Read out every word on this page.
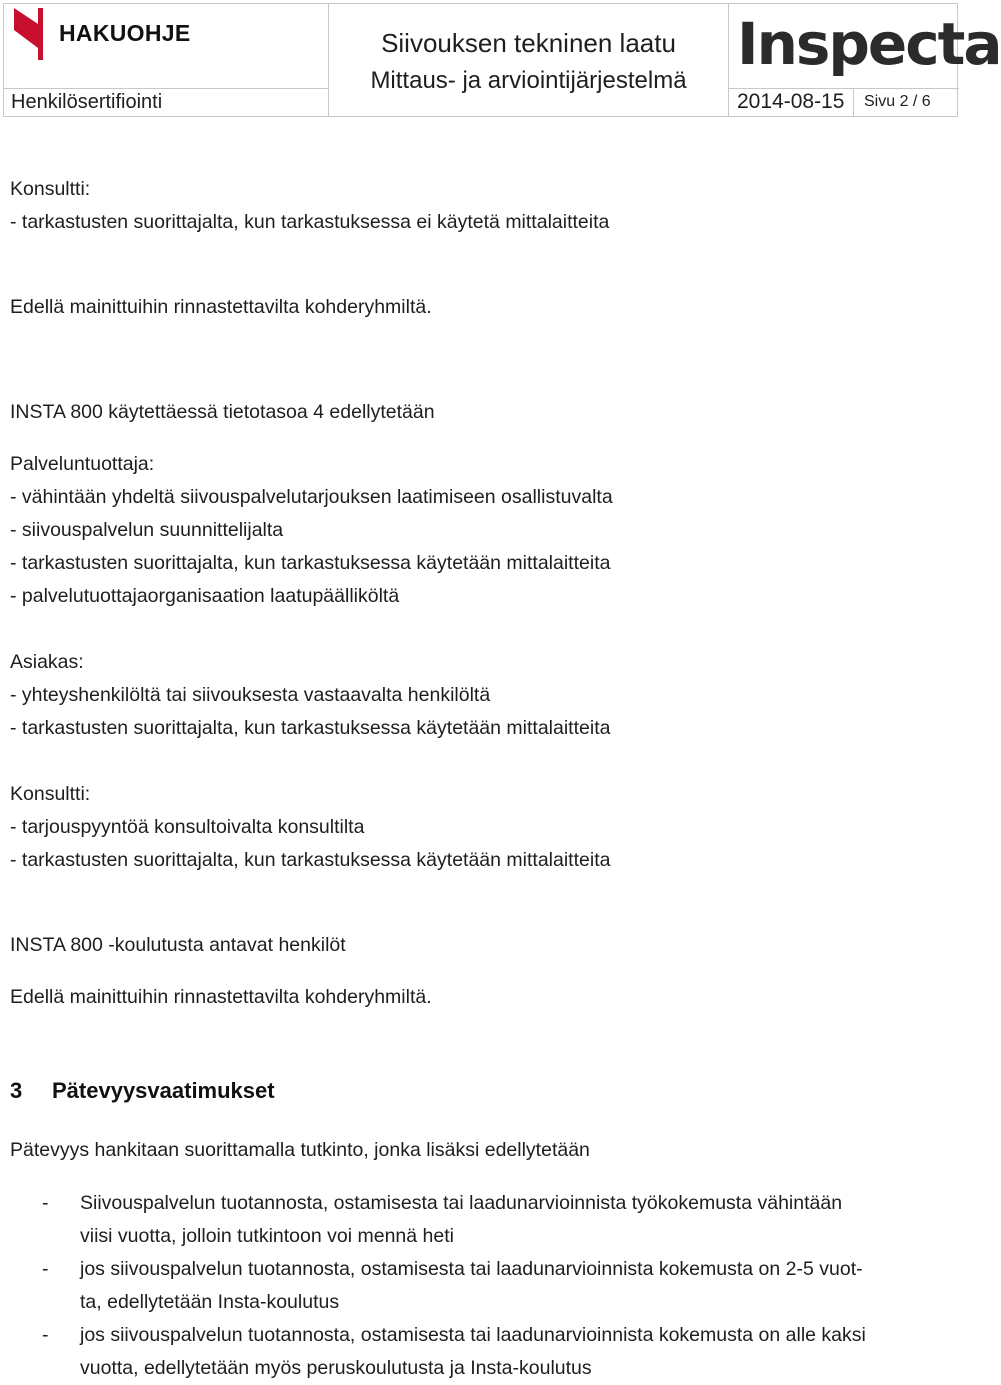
HAKUOHJE	Siivouksen tekninen laatu
Mittaus- ja arviointijärjestelmä
Inspecta
Henkilösertifiointi	2014-08-15 Sivu 2 / 6
Konsultti:
- tarkastusten suorittajalta, kun tarkastuksessa ei käytetä mittalaitteita
Edellä mainittuihin rinnastettavilta kohderyhmiltä.
INSTA 800 käytettäessä tietotasoa 4 edellytetään
Palveluntuottaja:
- vähintään yhdeltä siivouspalvelutarjouksen laatimiseen osallistuvalta
- siivouspalvelun suunnittelijalta
- tarkastusten suorittajalta, kun tarkastuksessa käytetään mittalaitteita
- palvelutuottajaorganisaation laatupäälliköltä
Asiakas:
- yhteyshenkilöltä tai siivouksesta vastaavalta henkilöltä
- tarkastusten suorittajalta, kun tarkastuksessa käytetään mittalaitteita
Konsultti:
- tarjouspyyntöä konsultoivalta konsultilta
- tarkastusten suorittajalta, kun tarkastuksessa käytetään mittalaitteita
INSTA 800 -koulutusta antavat henkilöt
Edellä mainittuihin rinnastettavilta kohderyhmiltä.
3 Pätevyysvaatimukset
Pätevyys hankitaan suorittamalla tutkinto, jonka lisäksi edellytetään
- Siivouspalvelun tuotannosta, ostamisesta tai laadunarvioinnista työkokemusta vähintään
viisi vuotta, jolloin tutkintoon voi mennä heti
- jos siivouspalvelun tuotannosta, ostamisesta tai laadunarvioinnista kokemusta on 2-5 vuot-
ta, edellytetään Insta-koulutus
- jos siivouspalvelun tuotannosta, ostamisesta tai laadunarvioinnista kokemusta on alle kaksi
vuotta, edellytetään myös peruskoulutusta ja Insta-koulutus
